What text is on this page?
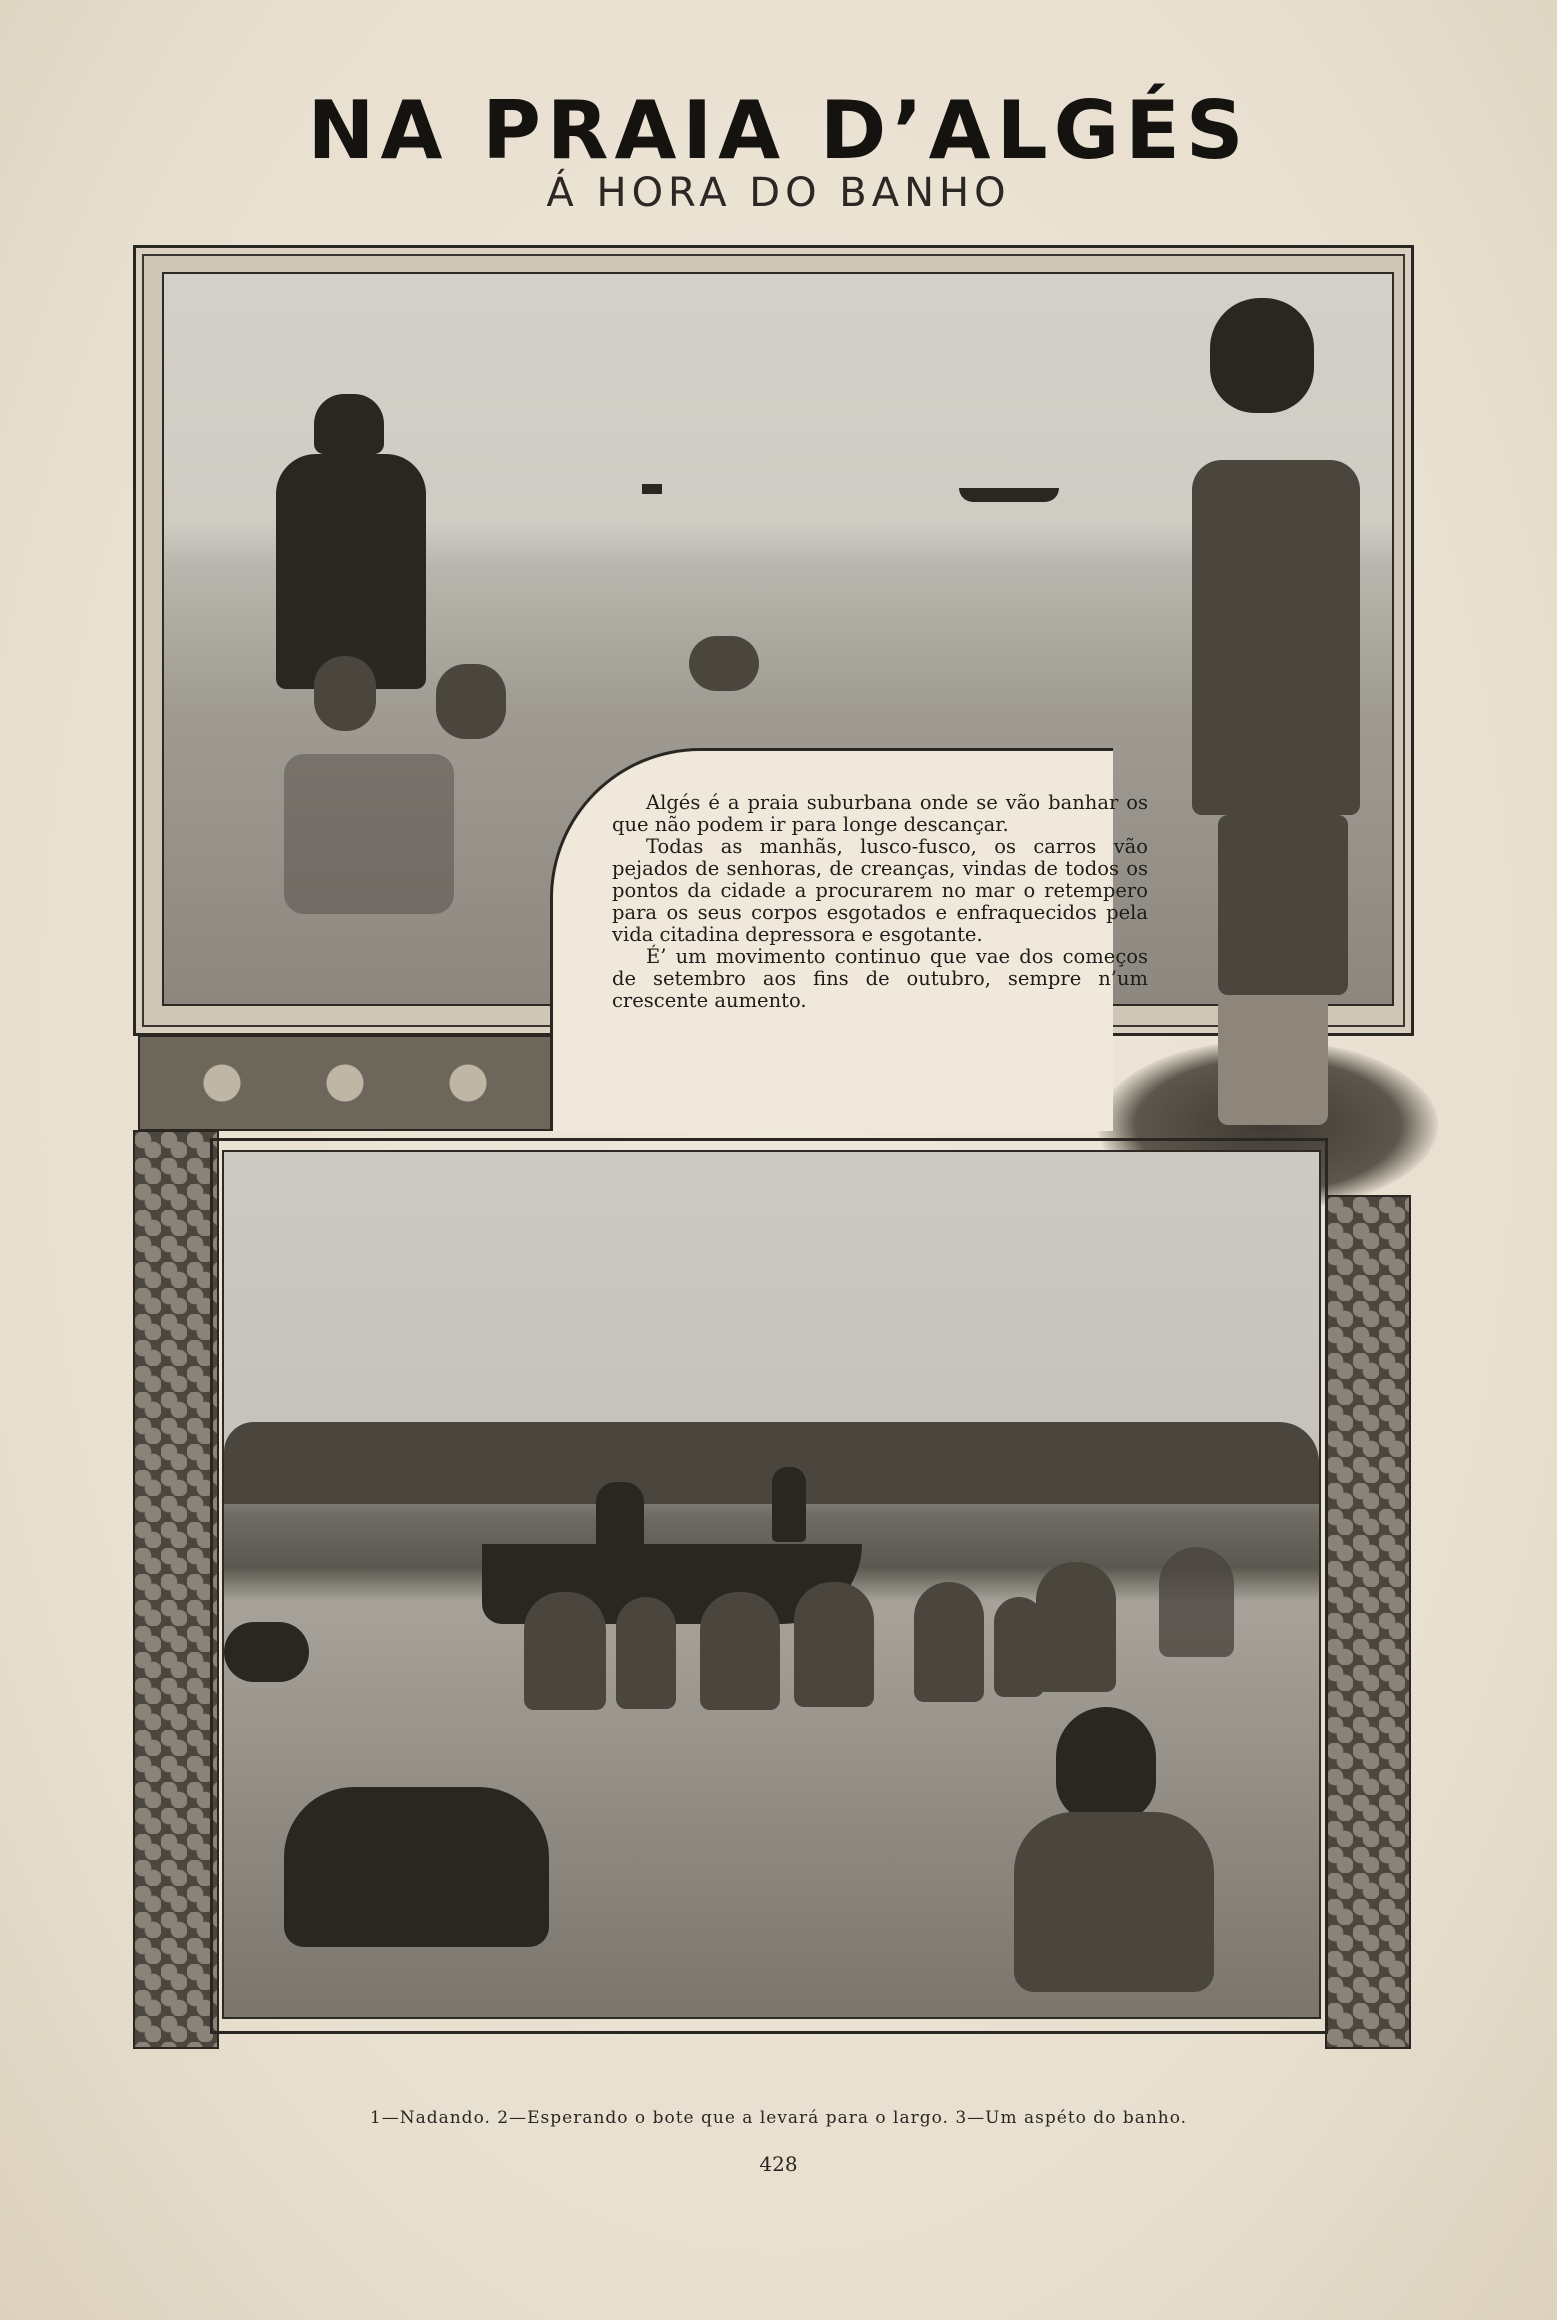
NA PRAIA D’ALGÉS
Á HORA DO BANHO

Algés é a praia suburbana onde se vão banhar os que não podem ir para longe descançar.

Todas as manhãs, lusco-fusco, os carros vão pejados de senhoras, de creanças, vindas de todos os pontos da cidade a procurarem no mar o retempero para os seus corpos esgotados e enfraquecidos pela vida citadina depressora e esgotante.

É’ um movimento continuo que vae dos começos de setembro aos fins de outubro, sempre n’um crescente aumento.

1—Nadando. 2—Esperando o bote que a levará para o largo. 3—Um aspéto do banho.
428
